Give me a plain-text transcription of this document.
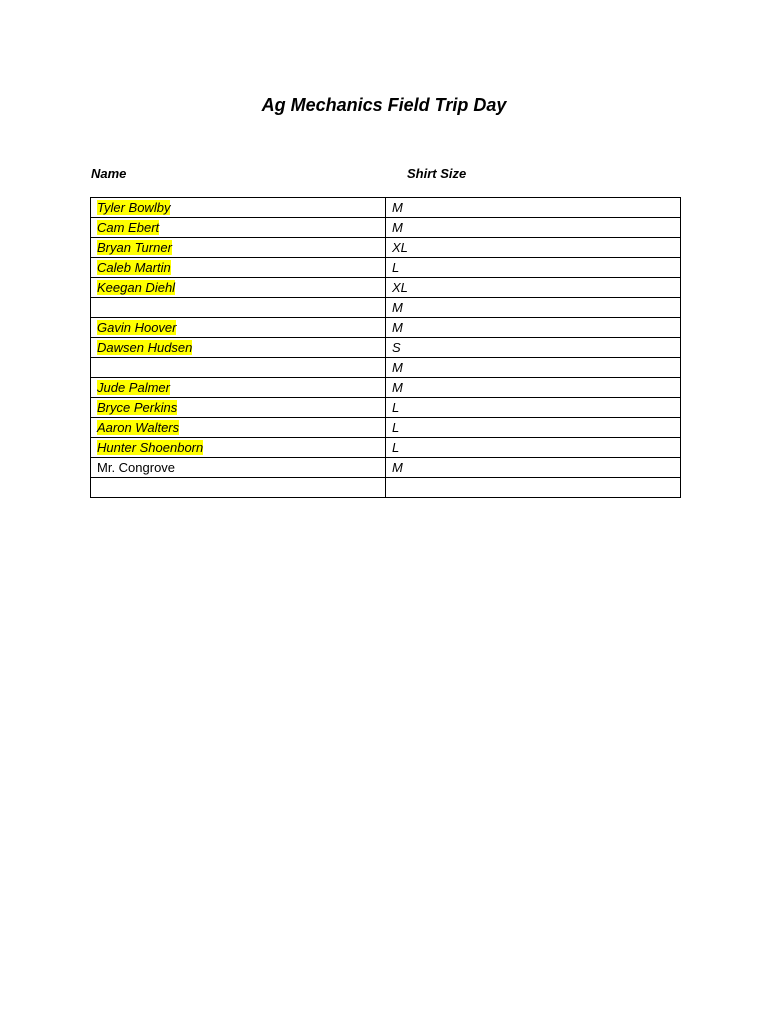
Ag Mechanics Field Trip Day
Name	Shirt Size
Tyler Bowlby	M
Cam Ebert	M
Bryan Turner	XL
Caleb Martin	L
Keegan Diehl	XL
	M
Gavin Hoover	M
Dawsen Hudsen	S
	M
Jude Palmer	M
Bryce Perkins	L
Aaron Walters	L
Hunter Shoenborn	L
Mr. Congrove	M
